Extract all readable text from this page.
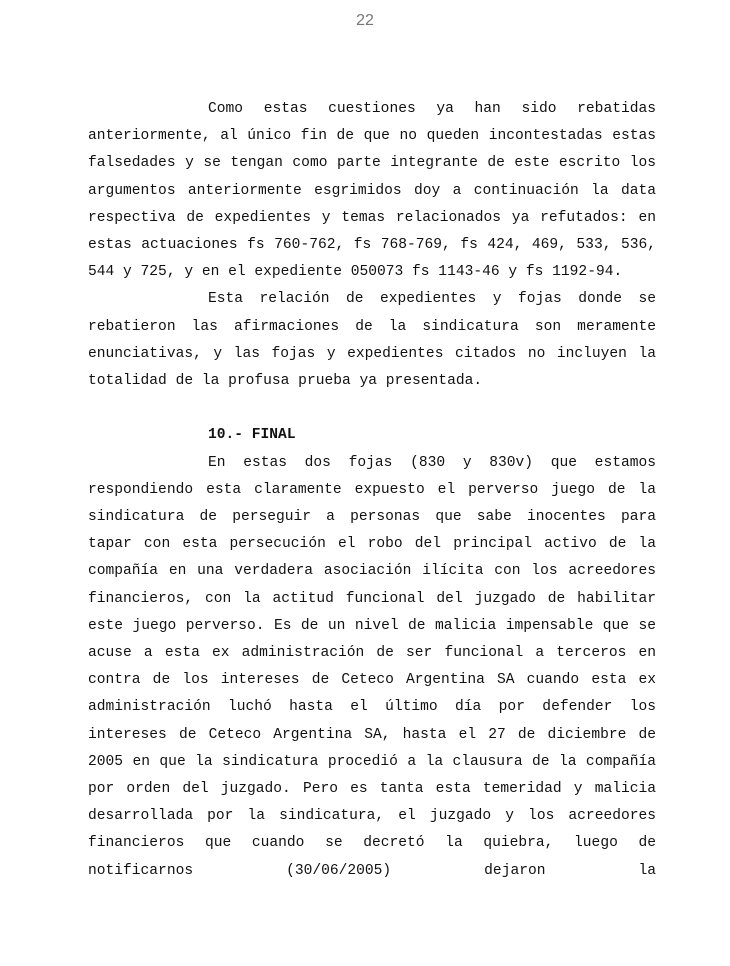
22

Como estas cuestiones ya han sido rebatidas anteriormente, al único fin de que no queden incontestadas estas falsedades y se tengan como parte integrante de este escrito los argumentos anteriormente esgrimidos doy a continuación la data respectiva de expedientes y temas relacionados ya refutados: en estas actuaciones fs 760-762, fs 768-769, fs 424, 469, 533, 536, 544 y 725, y en el expediente 050073 fs 1143-46 y fs 1192-94.

Esta relación de expedientes y fojas donde se rebatieron las afirmaciones de la sindicatura son meramente enunciativas, y las fojas y expedientes citados no incluyen la totalidad de la profusa prueba ya presentada.

10.- FINAL

En estas dos fojas (830 y 830v) que estamos respondiendo esta claramente expuesto el perverso juego de la sindicatura de perseguir a personas que sabe inocentes para tapar con esta persecución el robo del principal activo de la compañía en una verdadera asociación ilícita con los acreedores financieros, con la actitud funcional del juzgado de habilitar este juego perverso. Es de un nivel de malicia impensable que se acuse a esta ex administración de ser funcional a terceros en contra de los intereses de Ceteco Argentina SA cuando esta ex administración luchó hasta el último día por defender los intereses de Ceteco Argentina SA, hasta el 27 de diciembre de 2005 en que la sindicatura procedió a la clausura de la compañía por orden del juzgado. Pero es tanta esta temeridad y malicia desarrollada por la sindicatura, el juzgado y los acreedores financieros que cuando se decretó la quiebra, luego de notificarnos (30/06/2005) dejaron la
